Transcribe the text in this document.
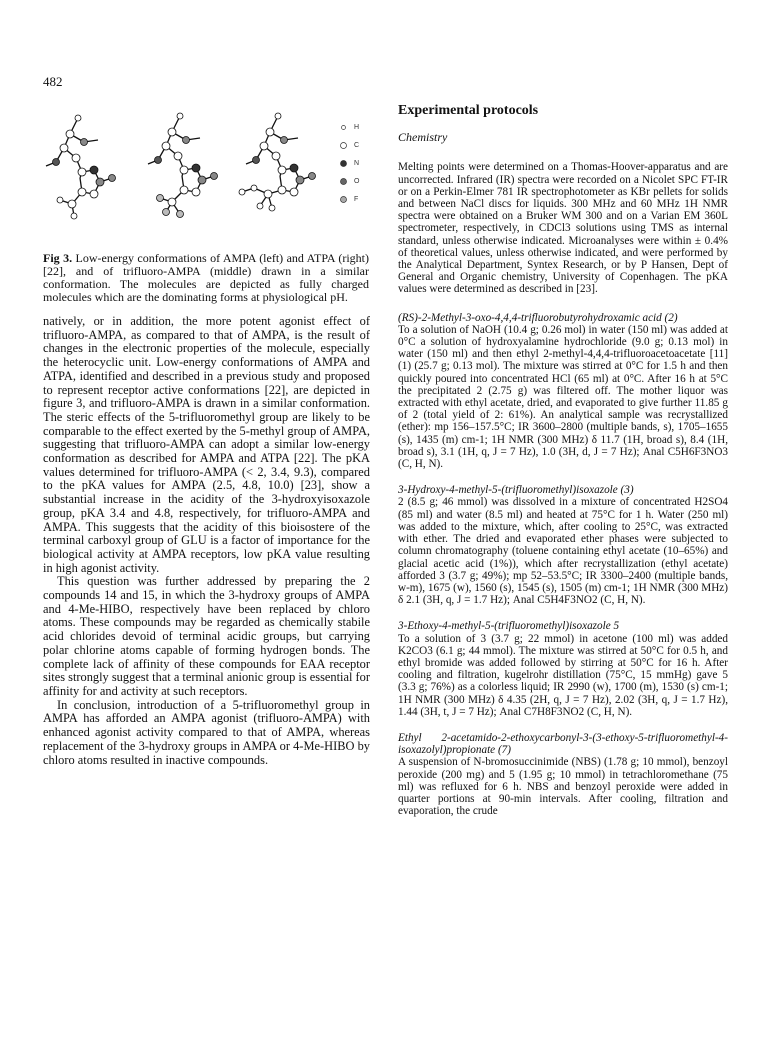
482
H
C
N
O
F
Fig 3. Low-energy conformations of AMPA (left) and ATPA (right) [22], and of trifluoro-AMPA (middle) drawn in a similar conformation. The molecules are depicted as fully charged molecules which are the dominating forms at physiological pH.

natively, or in addition, the more potent agonist effect of trifluoro-AMPA, as compared to that of AMPA, is the result of changes in the electronic properties of the molecule, especially the heterocyclic unit. Low-energy conformations of AMPA and ATPA, identified and described in a previous study and proposed to represent receptor active conformations [22], are depicted in figure 3, and trifluoro-AMPA is drawn in a similar conformation. The steric effects of the 5-trifluoromethyl group are likely to be comparable to the effect exerted by the 5-methyl group of AMPA, suggesting that trifluoro-AMPA can adopt a similar low-energy conformation as described for AMPA and ATPA [22]. The pKA values determined for trifluoro-AMPA (< 2, 3.4, 9.3), compared to the pKA values for AMPA (2.5, 4.8, 10.0) [23], show a substantial increase in the acidity of the 3-hydroxyisoxazole group, pKA 3.4 and 4.8, respectively, for trifluoro-AMPA and AMPA. This suggests that the acidity of this bioisostere of the terminal carboxyl group of GLU is a factor of importance for the biological activity at AMPA receptors, low pKA value resulting in high agonist activity.

This question was further addressed by preparing the 2 compounds 14 and 15, in which the 3-hydroxy groups of AMPA and 4-Me-HIBO, respectively have been replaced by chloro atoms. These compounds may be regarded as chemically stabile acid chlorides devoid of terminal acidic groups, but carrying polar chlorine atoms capable of forming hydrogen bonds. The complete lack of affinity of these compounds for EAA receptor sites strongly suggest that a terminal anionic group is essential for affinity for and activity at such receptors.

In conclusion, introduction of a 5-trifluoromethyl group in AMPA has afforded an AMPA agonist (trifluoro-AMPA) with enhanced agonist activity compared to that of AMPA, whereas replacement of the 3-hydroxy groups in AMPA or 4-Me-HIBO by chloro atoms resulted in inactive compounds.

Experimental protocols

Chemistry

Melting points were determined on a Thomas-Hoover-apparatus and are uncorrected. Infrared (IR) spectra were recorded on a Nicolet SPC FT-IR or on a Perkin-Elmer 781 IR spectrophotometer as KBr pellets for solids and between NaCl discs for liquids. 300 MHz and 60 MHz 1H NMR spectra were obtained on a Bruker WM 300 and on a Varian EM 360L spectrometer, respectively, in CDCl3 solutions using TMS as internal standard, unless otherwise indicated. Microanalyses were within ± 0.4% of theoretical values, unless otherwise indicated, and were performed by the Analytical Department, Syntex Research, or by P Hansen, Dept of General and Organic chemistry, University of Copenhagen. The pKA values were determined as described in [23].

(RS)-2-Methyl-3-oxo-4,4,4-trifluorobutyrohydroxamic acid (2)

To a solution of NaOH (10.4 g; 0.26 mol) in water (150 ml) was added at 0°C a solution of hydroxyalamine hydrochloride (9.0 g; 0.13 mol) in water (150 ml) and then ethyl 2-methyl-4,4,4-trifluoroacetoacetate [11] (1) (25.7 g; 0.13 mol). The mixture was stirred at 0°C for 1.5 h and then quickly poured into concentrated HCl (65 ml) at 0°C. After 16 h at 5°C the precipitated 2 (2.75 g) was filtered off. The mother liquor was extracted with ethyl acetate, dried, and evaporated to give further 11.85 g of 2 (total yield of 2: 61%). An analytical sample was recrystallized (ether): mp 156–157.5°C; IR 3600–2800 (multiple bands, s), 1705–1655 (s), 1435 (m) cm-1; 1H NMR (300 MHz) δ 11.7 (1H, broad s), 8.4 (1H, broad s), 3.1 (1H, q, J = 7 Hz), 1.0 (3H, d, J = 7 Hz); Anal C5H6F3NO3 (C, H, N).

3-Hydroxy-4-methyl-5-(trifluoromethyl)isoxazole (3)

2 (8.5 g; 46 mmol) was dissolved in a mixture of concentrated H2SO4 (85 ml) and water (8.5 ml) and heated at 75°C for 1 h. Water (250 ml) was added to the mixture, which, after cooling to 25°C, was extracted with ether. The dried and evaporated ether phases were subjected to column chromatography (toluene containing ethyl acetate (10–65%) and glacial acetic acid (1%)), which after recrystallization (ethyl acetate) afforded 3 (3.7 g; 49%); mp 52–53.5°C; IR 3300–2400 (multiple bands, w-m), 1675 (w), 1560 (s), 1545 (s), 1505 (m) cm-1; 1H NMR (300 MHz) δ 2.1 (3H, q, J = 1.7 Hz); Anal C5H4F3NO2 (C, H, N).

3-Ethoxy-4-methyl-5-(trifluoromethyl)isoxazole 5

To a solution of 3 (3.7 g; 22 mmol) in acetone (100 ml) was added K2CO3 (6.1 g; 44 mmol). The mixture was stirred at 50°C for 0.5 h, and ethyl bromide was added followed by stirring at 50°C for 16 h. After cooling and filtration, kugelrohr distillation (75°C, 15 mmHg) gave 5 (3.3 g; 76%) as a colorless liquid; IR 2990 (w), 1700 (m), 1530 (s) cm-1; 1H NMR (300 MHz) δ 4.35 (2H, q, J = 7 Hz), 2.02 (3H, q, J = 1.7 Hz), 1.44 (3H, t, J = 7 Hz); Anal C7H8F3NO2 (C, H, N).

Ethyl 2-acetamido-2-ethoxycarbonyl-3-(3-ethoxy-5-trifluoromethyl-4-isoxazolyl)propionate (7)

A suspension of N-bromosuccinimide (NBS) (1.78 g; 10 mmol), benzoyl peroxide (200 mg) and 5 (1.95 g; 10 mmol) in tetrachloromethane (75 ml) was refluxed for 6 h. NBS and benzoyl peroxide were added in quarter portions at 90-min intervals. After cooling, filtration and evaporation, the crude
